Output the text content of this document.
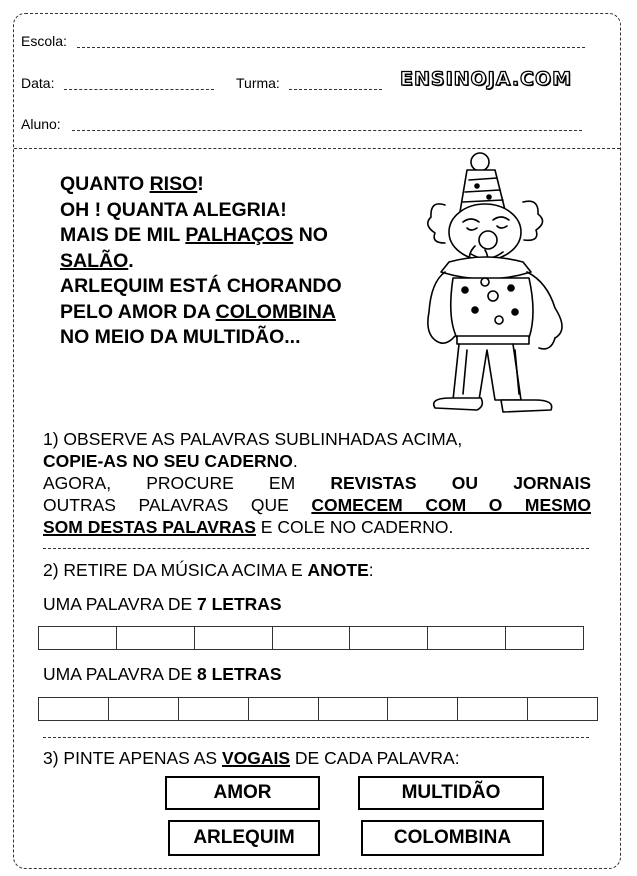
Escola:
Data:	Turma:	ENSINOJA.COM
Aluno:
QUANTO RISO!
OH ! QUANTA ALEGRIA!
MAIS DE MIL PALHAÇOS NO
SALÃO.
ARLEQUIM ESTÁ CHORANDO
PELO AMOR DA COLOMBINA
NO MEIO DA MULTIDÃO...
1) OBSERVE AS PALAVRAS SUBLINHADAS ACIMA,
COPIE-AS NO SEU CADERNO.
AGORA, PROCURE EM REVISTAS OU JORNAIS
OUTRAS PALAVRAS QUE COMECEM COM O MESMO
SOM DESTAS PALAVRAS E COLE NO CADERNO.
2) RETIRE DA MÚSICA ACIMA E ANOTE:
UMA PALAVRA DE 7 LETRAS
UMA PALAVRA DE 8 LETRAS
3) PINTE APENAS AS VOGAIS DE CADA PALAVRA:
AMOR	MULTIDÃO
ARLEQUIM	COLOMBINA
